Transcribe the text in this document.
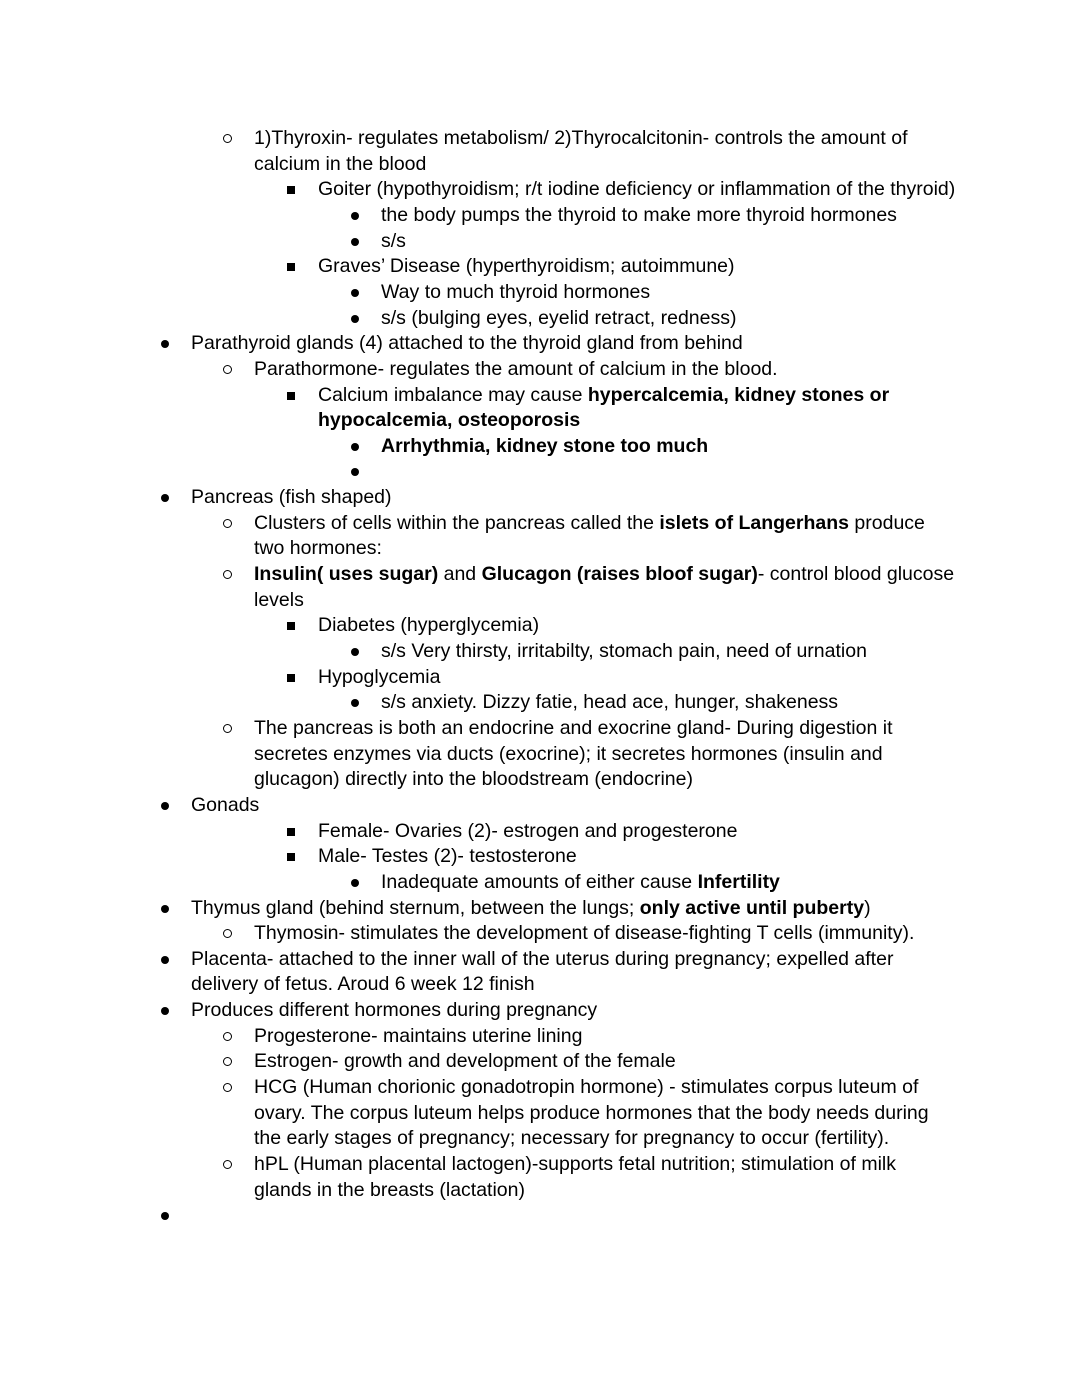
1)Thyroxin- regulates metabolism/ 2)Thyrocalcitonin- controls the amount of
calcium in the blood
Goiter (hypothyroidism; r/t iodine deficiency or inflammation of the thyroid)
the body pumps the thyroid to make more thyroid hormones
s/s
Graves’ Disease (hyperthyroidism; autoimmune)
Way to much thyroid hormones
s/s (bulging eyes, eyelid retract, redness)
Parathyroid glands (4) attached to the thyroid gland from behind
Parathormone- regulates the amount of calcium in the blood.
Calcium imbalance may cause hypercalcemia, kidney stones or
hypocalcemia, osteoporosis
Arrhythmia, kidney stone too much
Pancreas (fish shaped)
Clusters of cells within the pancreas called the islets of Langerhans produce
two hormones:
Insulin( uses sugar) and Glucagon (raises bloof sugar)- control blood glucose
levels
Diabetes (hyperglycemia)
s/s Very thirsty, irritabilty, stomach pain, need of urnation
Hypoglycemia
s/s anxiety. Dizzy fatie, head ace, hunger, shakeness
The pancreas is both an endocrine and exocrine gland- During digestion it
secretes enzymes via ducts (exocrine); it secretes hormones (insulin and
glucagon) directly into the bloodstream (endocrine)
Gonads
Female- Ovaries (2)- estrogen and progesterone
Male- Testes (2)- testosterone
Inadequate amounts of either cause Infertility
Thymus gland (behind sternum, between the lungs; only active until puberty)
Thymosin- stimulates the development of disease-fighting T cells (immunity).
Placenta- attached to the inner wall of the uterus during pregnancy; expelled after
delivery of fetus. Aroud 6 week 12 finish
Produces different hormones during pregnancy
Progesterone- maintains uterine lining
Estrogen- growth and development of the female
HCG (Human chorionic gonadotropin hormone) - stimulates corpus luteum of
ovary. The corpus luteum helps produce hormones that the body needs during
the early stages of pregnancy; necessary for pregnancy to occur (fertility).
hPL (Human placental lactogen)-supports fetal nutrition; stimulation of milk
glands in the breasts (lactation)
